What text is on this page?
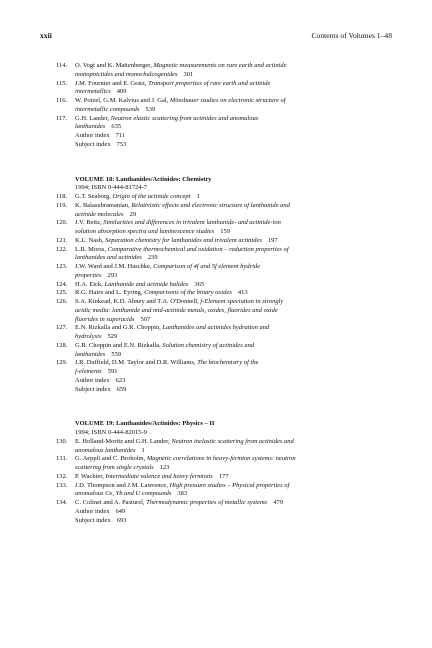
xxii	Contents of Volumes 1–48
114. O. Vogt and K. Mattenberger, Magnetic measurements on rare earth and actinide
monopnictides and monochalcogenides 301
115. J.M. Fournier and E. Gratz, Transport properties of rare earth and actinide
intermetallics 409
116. W. Potzel, G.M. Kalvius and J. Gal, Mössbauer studies on electronic structure of
intermetallic compounds 539
117. G.H. Lander, Neutron elastic scattering from actinides and anomalous
lanthanides 635
Author index 711
Subject index 753
VOLUME 18: Lanthanides/Actinides: Chemistry
1994; ISBN 0-444-81724-7
118. G.T. Seaborg, Origin of the actinide concept 1
119. K. Balasubramanian, Relativistic effects and electronic structure of lanthanide and
actinide molecules 29
120. J.V. Beitz, Similarities and differences in trivalent lanthanide- and actinide-ion
solution absorption spectra and luminescence studies 159
121. K.L. Nash, Separation chemistry for lanthanides and trivalent actinides 197
122. L.R. Morss, Comparative thermochemical and oxidation – reduction properties of
lanthanides and actinides 239
123. J.W. Ward and J.M. Haschke, Comparison of 4f and 5f element hydride
properties 293
124. H.A. Eick, Lanthanide and actinide halides 365
125. R.G. Haire and L. Eyring, Comparisons of the binary oxides 413
126. S.A. Kinkead, K.D. Abney and T.A. O'Donnell, f-Element speciation in strongly
acidic media: lanthanide and mid-actinide metals, oxides, fluorides and oxide
fluorides in superacids 507
127. E.N. Rizkalla and G.R. Choppin, Lanthanides and actinides hydration and
hydrolysis 529
128. G.R. Choppin and E.N. Rizkalla, Solution chemistry of actinides and
lanthanides 559
129. J.R. Duffield, D.M. Taylor and D.R. Williams, The biochemistry of the
f-elements 591
Author index 623
Subject index 659
VOLUME 19: Lanthanides/Actinides: Physics – II
1994; ISBN 0-444-82015-9
130. E. Holland-Moritz and G.H. Lander, Neutron inelastic scattering from actinides and
anomalous lanthanides 1
131. G. Aeppli and C. Broholm, Magnetic correlations in heavy-fermion systems: neutron
scattering from single crystals 123
132. P. Wachter, Intermediate valence and heavy fermions 177
133. J.D. Thompson and J.M. Lawrence, High pressure studies – Physical properties of
anomalous Ce, Yb and U compounds 383
134. C. Colinet and A. Pasturel, Thermodynamic properties of metallic systems 479
Author index 649
Subject index 693
